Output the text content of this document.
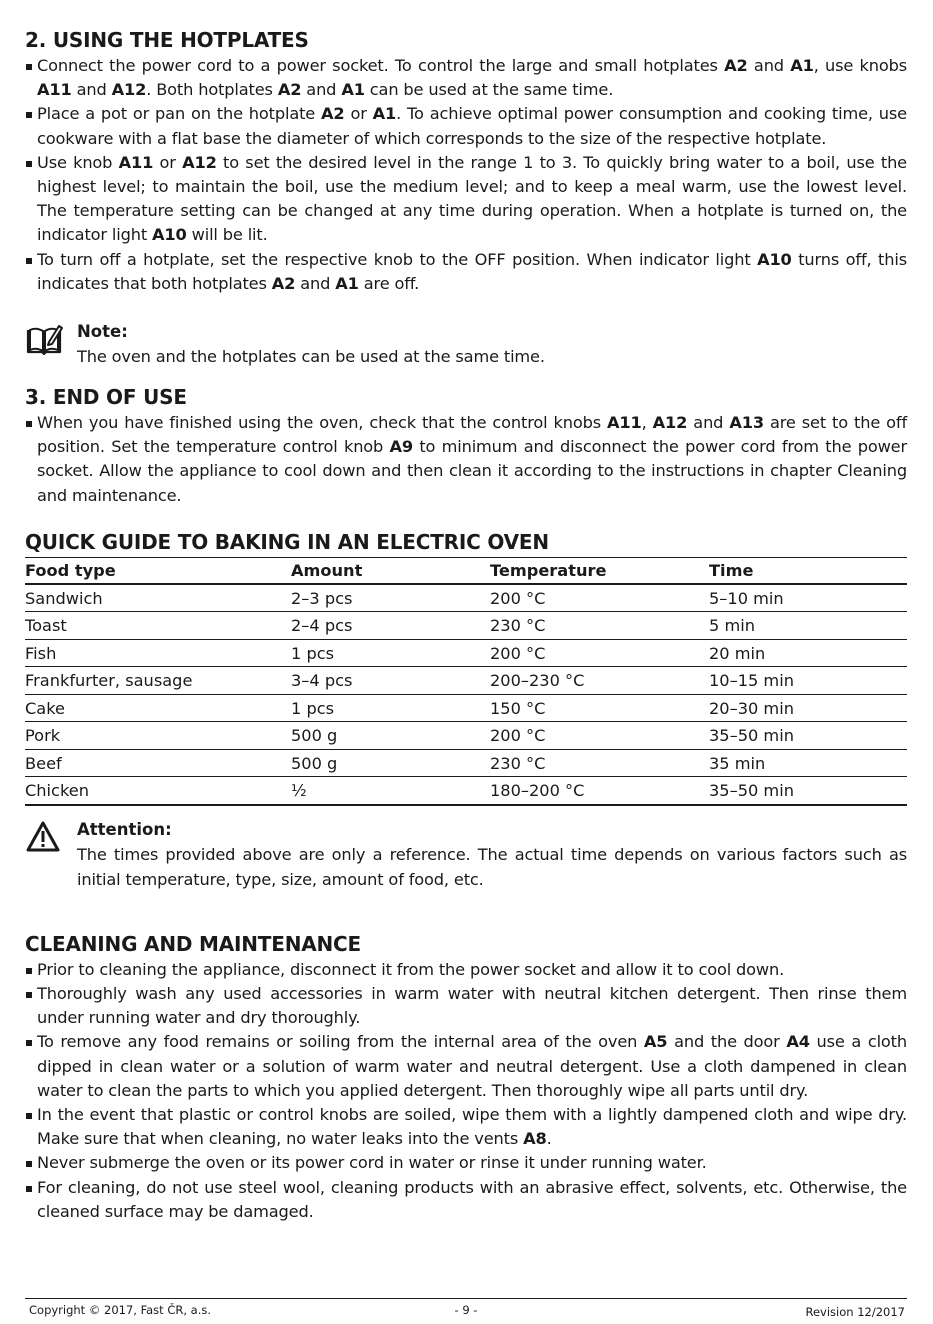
2. USING THE HOTPLATES
Connect the power cord to a power socket. To control the large and small hotplates A2 and A1, use knobs A11 and A12. Both hotplates A2 and A1 can be used at the same time.
Place a pot or pan on the hotplate A2 or A1. To achieve optimal power consumption and cooking time, use cookware with a flat base the diameter of which corresponds to the size of the respective hotplate.
Use knob A11 or A12 to set the desired level in the range 1 to 3. To quickly bring water to a boil, use the highest level; to maintain the boil, use the medium level; and to keep a meal warm, use the lowest level. The temperature setting can be changed at any time during operation. When a hotplate is turned on, the indicator light A10 will be lit.
To turn off a hotplate, set the respective knob to the OFF position. When indicator light A10 turns off, this indicates that both hotplates A2 and A1 are off.
Note:
The oven and the hotplates can be used at the same time.
3. END OF USE
When you have finished using the oven, check that the control knobs A11, A12 and A13 are set to the off position. Set the temperature control knob A9 to minimum and disconnect the power cord from the power socket. Allow the appliance to cool down and then clean it according to the instructions in chapter Cleaning and maintenance.
QUICK GUIDE TO BAKING IN AN ELECTRIC OVEN
Food type	Amount	Temperature	Time
Sandwich	2–3 pcs	200 °C	5–10 min
Toast	2–4 pcs	230 °C	5 min
Fish	1 pcs	200 °C	20 min
Frankfurter, sausage	3–4 pcs	200–230 °C	10–15 min
Cake	1 pcs	150 °C	20–30 min
Pork	500 g	200 °C	35–50 min
Beef	500 g	230 °C	35 min
Chicken	½	180–200 °C	35–50 min
Attention:
The times provided above are only a reference. The actual time depends on various factors such as initial temperature, type, size, amount of food, etc.
CLEANING AND MAINTENANCE
Prior to cleaning the appliance, disconnect it from the power socket and allow it to cool down.
Thoroughly wash any used accessories in warm water with neutral kitchen detergent. Then rinse them under running water and dry thoroughly.
To remove any food remains or soiling from the internal area of the oven A5 and the door A4 use a cloth dipped in clean water or a solution of warm water and neutral detergent. Use a cloth dampened in clean water to clean the parts to which you applied detergent. Then thoroughly wipe all parts until dry.
In the event that plastic or control knobs are soiled, wipe them with a lightly dampened cloth and wipe dry. Make sure that when cleaning, no water leaks into the vents A8.
Never submerge the oven or its power cord in water or rinse it under running water.
For cleaning, do not use steel wool, cleaning products with an abrasive effect, solvents, etc. Otherwise, the cleaned surface may be damaged.
Copyright © 2017, Fast ČR, a.s.	- 9 -	Revision 12/2017
